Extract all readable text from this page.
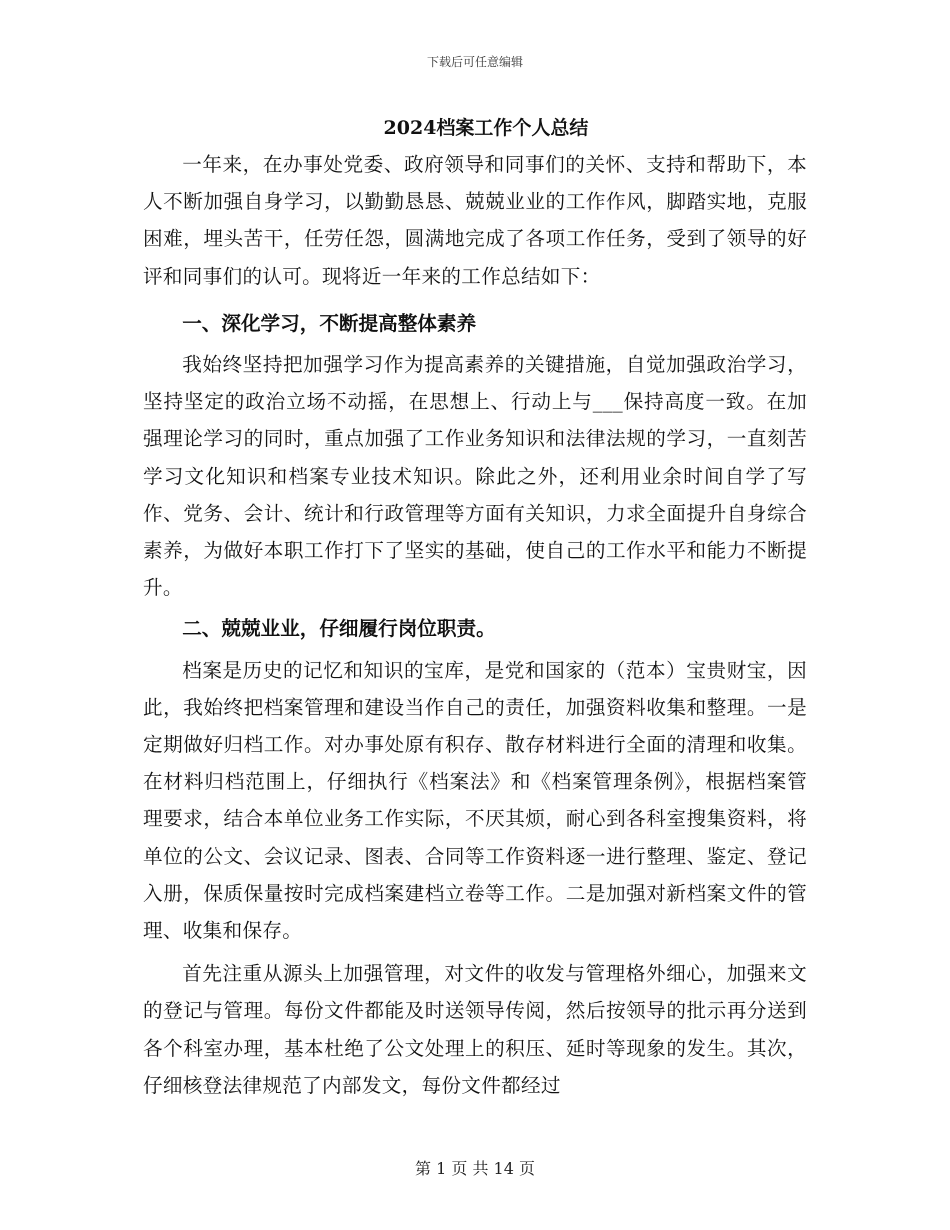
下载后可任意编辑
2024档案工作个人总结

一年来，在办事处党委、政府领导和同事们的关怀、支持和帮助下，本人不断加强自身学习，以勤勤恳恳、兢兢业业的工作作风，脚踏实地，克服困难，埋头苦干，任劳任怨，圆满地完成了各项工作任务，受到了领导的好评和同事们的认可。现将近一年来的工作总结如下：

一、深化学习，不断提高整体素养

我始终坚持把加强学习作为提高素养的关键措施，自觉加强政治学习，坚持坚定的政治立场不动摇，在思想上、行动上与___保持高度一致。在加强理论学习的同时，重点加强了工作业务知识和法律法规的学习，一直刻苦学习文化知识和档案专业技术知识。除此之外，还利用业余时间自学了写作、党务、会计、统计和行政管理等方面有关知识，力求全面提升自身综合素养，为做好本职工作打下了坚实的基础，使自己的工作水平和能力不断提升。

二、兢兢业业，仔细履行岗位职责。

档案是历史的记忆和知识的宝库，是党和国家的（范本）宝贵财宝，因此，我始终把档案管理和建设当作自己的责任，加强资料收集和整理。一是定期做好归档工作。对办事处原有积存、散存材料进行全面的清理和收集。在材料归档范围上，仔细执行《档案法》和《档案管理条例》，根据档案管理要求，结合本单位业务工作实际，不厌其烦，耐心到各科室搜集资料，将单位的公文、会议记录、图表、合同等工作资料逐一进行整理、鉴定、登记入册，保质保量按时完成档案建档立卷等工作。二是加强对新档案文件的管理、收集和保存。

首先注重从源头上加强管理，对文件的收发与管理格外细心，加强来文的登记与管理。每份文件都能及时送领导传阅，然后按领导的批示再分送到各个科室办理，基本杜绝了公文处理上的积压、延时等现象的发生。其次，仔细核登法律规范了内部发文，每份文件都经过

第 1 页 共 14 页
